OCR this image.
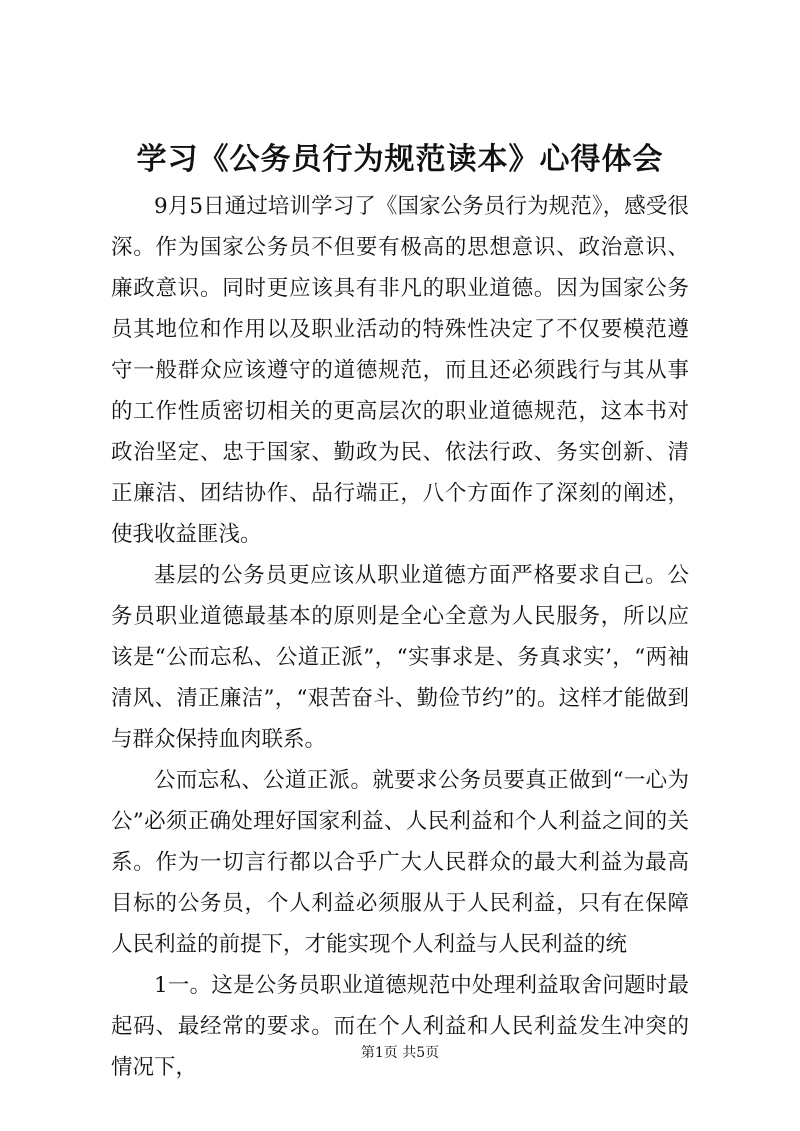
学习《公务员行为规范读本》心得体会

9月5日通过培训学习了《国家公务员行为规范》，感受很深。作为国家公务员不但要有极高的思想意识、政治意识、廉政意识。同时更应该具有非凡的职业道德。因为国家公务员其地位和作用以及职业活动的特殊性决定了不仅要模范遵守一般群众应该遵守的道德规范，而且还必须践行与其从事的工作性质密切相关的更高层次的职业道德规范，这本书对政治坚定、忠于国家、勤政为民、依法行政、务实创新、清正廉洁、团结协作、品行端正，八个方面作了深刻的阐述，使我收益匪浅。

基层的公务员更应该从职业道德方面严格要求自己。公务员职业道德最基本的原则是全心全意为人民服务，所以应该是“公而忘私、公道正派”，“实事求是、务真求实’，“两袖清风、清正廉洁”，“艰苦奋斗、勤俭节约”的。这样才能做到与群众保持血肉联系。

公而忘私、公道正派。就要求公务员要真正做到“一心为公”必须正确处理好国家利益、人民利益和个人利益之间的关系。作为一切言行都以合乎广大人民群众的最大利益为最高目标的公务员，个人利益必须服从于人民利益，只有在保障人民利益的前提下，才能实现个人利益与人民利益的统

1一。这是公务员职业道德规范中处理利益取舍问题时最起码、最经常的要求。而在个人利益和人民利益发生冲突的情况下，

第1页 共5页
